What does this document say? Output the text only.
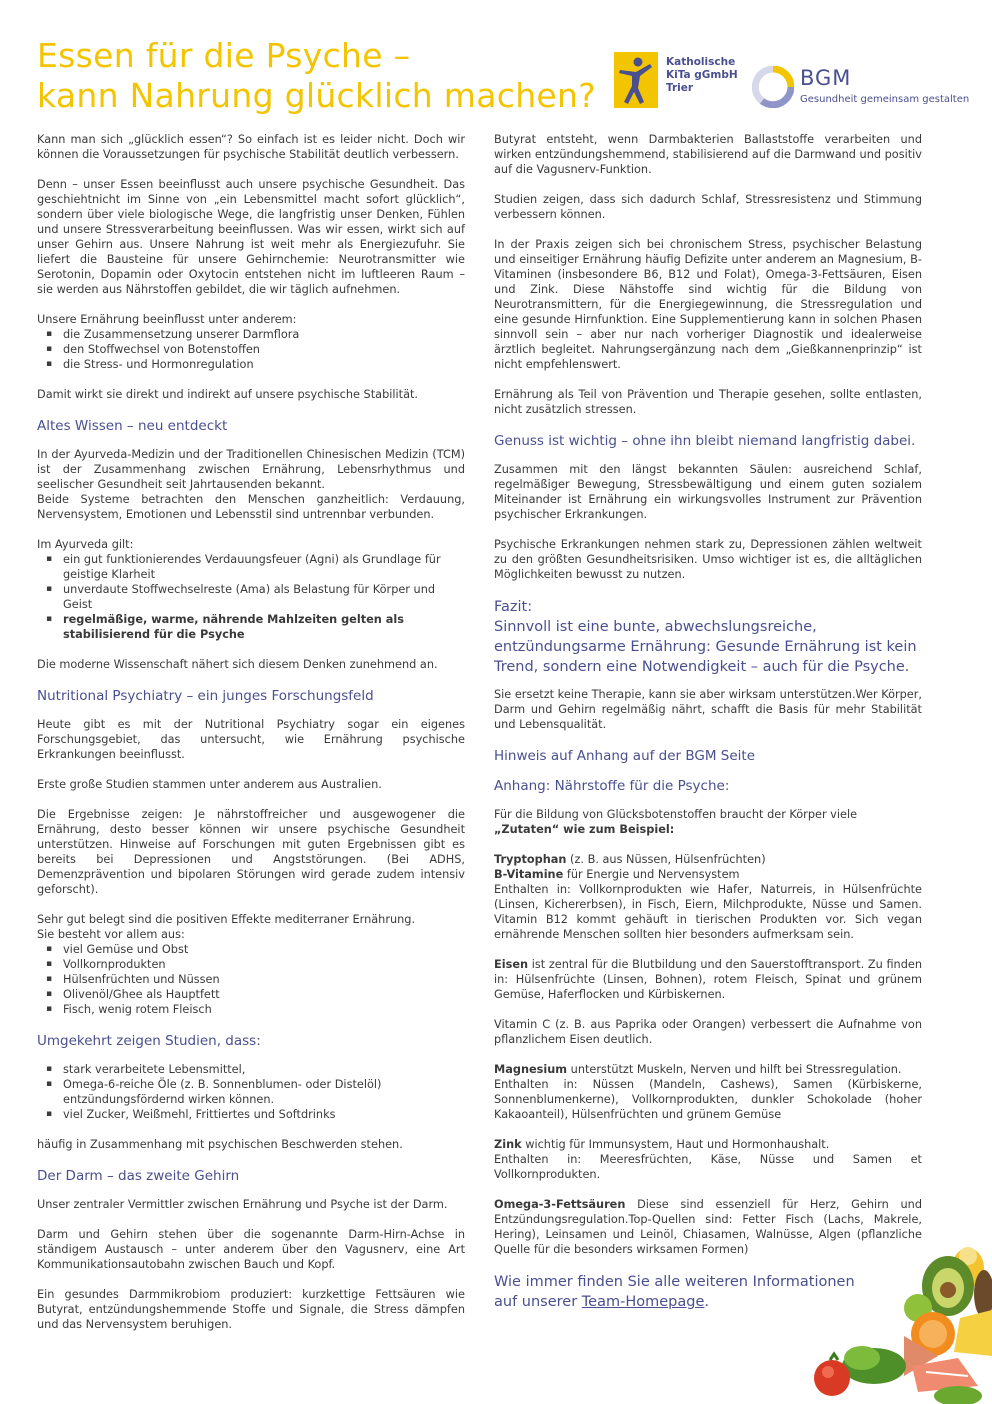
Essen für die Psyche –
kann Nahrung glücklich machen?
Katholische
KiTa gGmbH
Trier	BGM
Gesundheit gemeinsam gestalten

Kann man sich „glücklich essen“? So einfach ist es leider nicht. Doch wir können die Voraussetzungen für psychische Stabilität deutlich verbessern.

Denn – unser Essen beeinflusst auch unsere psychische Gesundheit. Das geschiehtnicht im Sinne von „ein Lebensmittel macht sofort glücklich“, sondern über viele biologische Wege, die langfristig unser Denken, Fühlen und unsere Stressverarbeitung beeinflussen. Was wir essen, wirkt sich auf unser Gehirn aus. Unsere Nahrung ist weit mehr als Energiezufuhr. Sie liefert die Bausteine für unsere Gehirnchemie: Neurotransmitter wie Serotonin, Dopamin oder Oxytocin entstehen nicht im luftleeren Raum – sie werden aus Nährstoffen gebildet, die wir täglich aufnehmen.

Unsere Ernährung beeinflusst unter anderem:
▪ die Zusammensetzung unserer Darmflora
▪ den Stoffwechsel von Botenstoffen
▪ die Stress- und Hormonregulation

Damit wirkt sie direkt und indirekt auf unsere psychische Stabilität.

Altes Wissen – neu entdeckt

In der Ayurveda-Medizin und der Traditionellen Chinesischen Medizin (TCM) ist der Zusammenhang zwischen Ernährung, Lebensrhythmus und seelischer Gesundheit seit Jahrtausenden bekannt.

Beide Systeme betrachten den Menschen ganzheitlich: Verdauung, Nervensystem, Emotionen und Lebensstil sind untrennbar verbunden.

Im Ayurveda gilt:
▪ ein gut funktionierendes Verdauungsfeuer (Agni) als Grundlage für geistige Klarheit
▪ unverdaute Stoffwechselreste (Ama) als Belastung für Körper und Geist
▪ regelmäßige, warme, nährende Mahlzeiten gelten als stabilisierend für die Psyche

Die moderne Wissenschaft nähert sich diesem Denken zunehmend an.

Nutritional Psychiatry – ein junges Forschungsfeld

Heute gibt es mit der Nutritional Psychiatry sogar ein eigenes Forschungsgebiet, das untersucht, wie Ernährung psychische Erkrankungen beeinflusst.

Erste große Studien stammen unter anderem aus Australien.

Die Ergebnisse zeigen: Je nährstoffreicher und ausgewogener die Ernährung, desto besser können wir unsere psychische Gesundheit unterstützen. Hinweise auf Forschungen mit guten Ergebnissen gibt es bereits bei Depressionen und Angststörungen. (Bei ADHS, Demenzprävention und bipolaren Störungen wird gerade zudem intensiv geforscht).

Sehr gut belegt sind die positiven Effekte mediterraner Ernährung.
Sie besteht vor allem aus:
▪ viel Gemüse und Obst
▪ Vollkornprodukten
▪ Hülsenfrüchten und Nüssen
▪ Olivenöl/Ghee als Hauptfett
▪ Fisch, wenig rotem Fleisch
Umgekehrt zeigen Studien, dass:
▪ stark verarbeitete Lebensmittel,
▪ Omega-6-reiche Öle (z. B. Sonnenblumen- oder Distelöl) entzündungsfördernd wirken können.
▪ viel Zucker, Weißmehl, Frittiertes und Softdrinks

häufig in Zusammenhang mit psychischen Beschwerden stehen.

Der Darm – das zweite Gehirn

Unser zentraler Vermittler zwischen Ernährung und Psyche ist der Darm.

Darm und Gehirn stehen über die sogenannte Darm-Hirn-Achse in ständigem Austausch – unter anderem über den Vagusnerv, eine Art Kommunikationsautobahn zwischen Bauch und Kopf.

Ein gesundes Darmmikrobiom produziert: kurzkettige Fettsäuren wie Butyrat, entzündungshemmende Stoffe und Signale, die Stress dämpfen und das Nervensystem beruhigen.

Butyrat entsteht, wenn Darmbakterien Ballaststoffe verarbeiten und wirken entzündungshemmend, stabilisierend auf die Darmwand und positiv auf die Vagusnerv-Funktion.

Studien zeigen, dass sich dadurch Schlaf, Stressresistenz und Stimmung verbessern können.

In der Praxis zeigen sich bei chronischem Stress, psychischer Belastung und einseitiger Ernährung häufig Defizite unter anderem an Magnesium, B-Vitaminen (insbesondere B6, B12 und Folat), Omega-3-Fettsäuren, Eisen und Zink. Diese Nähstoffe sind wichtig für die Bildung von Neurotransmittern, für die Energiegewinnung, die Stressregulation und eine gesunde Hirnfunktion. Eine Supplementierung kann in solchen Phasen sinnvoll sein – aber nur nach vorheriger Diagnostik und idealerweise ärztlich begleitet. Nahrungsergänzung nach dem „Gießkannenprinzip“ ist nicht empfehlenswert.

Ernährung als Teil von Prävention und Therapie gesehen, sollte entlasten, nicht zusätzlich stressen.

Genuss ist wichtig – ohne ihn bleibt niemand langfristig dabei.

Zusammen mit den längst bekannten Säulen: ausreichend Schlaf, regelmäßiger Bewegung, Stressbewältigung und einem guten sozialem Miteinander ist Ernährung ein wirkungsvolles Instrument zur Prävention psychischer Erkrankungen.

Psychische Erkrankungen nehmen stark zu, Depressionen zählen weltweit zu den größten Gesundheitsrisiken. Umso wichtiger ist es, die alltäglichen Möglichkeiten bewusst zu nutzen.

Fazit:
Sinnvoll ist eine bunte, abwechslungsreiche,
entzündungsarme Ernährung: Gesunde Ernährung ist kein
Trend, sondern eine Notwendigkeit – auch für die Psyche.

Sie ersetzt keine Therapie, kann sie aber wirksam unterstützen.Wer Körper, Darm und Gehirn regelmäßig nährt, schafft die Basis für mehr Stabilität und Lebensqualität.

Hinweis auf Anhang auf der BGM Seite
Anhang: Nährstoffe für die Psyche:

Für die Bildung von Glücksbotenstoffen braucht der Körper viele
„Zutaten“ wie zum Beispiel:

Tryptophan (z. B. aus Nüssen, Hülsenfrüchten)
B-Vitamine für Energie und Nervensystem
Enthalten in: Vollkornprodukten wie Hafer, Naturreis, in Hülsenfrüchte (Linsen, Kichererbsen), in Fisch, Eiern, Milchprodukte, Nüsse und Samen. Vitamin B12 kommt gehäuft in tierischen Produkten vor. Sich vegan ernährende Menschen sollten hier besonders aufmerksam sein.

Eisen ist zentral für die Blutbildung und den Sauerstofftransport. Zu finden in: Hülsenfrüchte (Linsen, Bohnen), rotem Fleisch, Spinat und grünem Gemüse, Haferflocken und Kürbiskernen.

Vitamin C (z. B. aus Paprika oder Orangen) verbessert die Aufnahme von pflanzlichem Eisen deutlich.

Magnesium unterstützt Muskeln, Nerven und hilft bei Stressregulation.
Enthalten in: Nüssen (Mandeln, Cashews), Samen (Kürbiskerne, Sonnenblumenkerne), Vollkornprodukten, dunkler Schokolade (hoher Kakaoanteil), Hülsenfrüchten und grünem Gemüse

Zink wichtig für Immunsystem, Haut und Hormonhaushalt.
Enthalten in: Meeresfrüchten, Käse, Nüsse und Samen et Vollkornprodukten.

Omega-3-Fettsäuren Diese sind essenziell für Herz, Gehirn und Entzündungsregulation.Top-Quellen sind: Fetter Fisch (Lachs, Makrele, Hering), Leinsamen und Leinöl, Chiasamen, Walnüsse, Algen (pflanzliche Quelle für die besonders wirksamen Formen)

Wie immer finden Sie alle weiteren Informationen
auf unserer Team-Homepage.
